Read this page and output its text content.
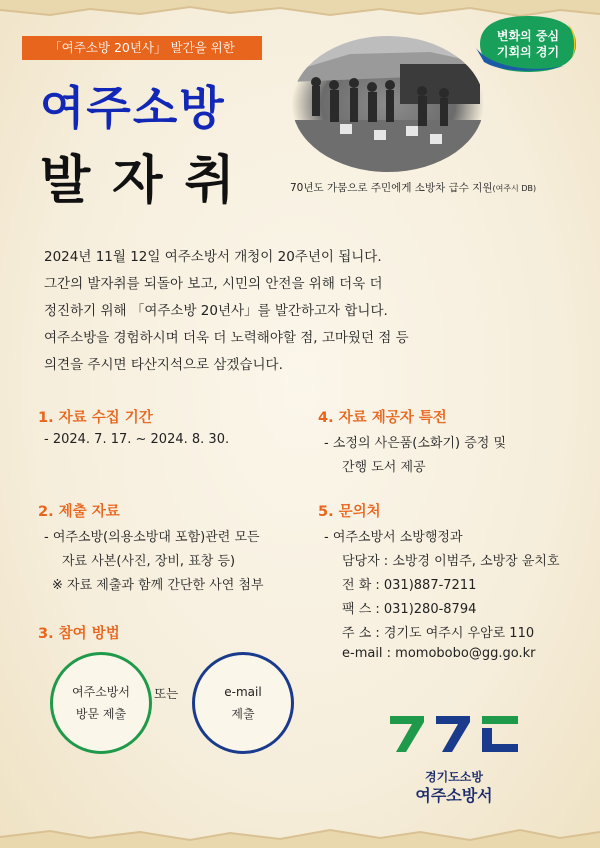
「여주소방 20년사」 발간을 위한
변화의 중심
기회의 경기
여주소방
발자취	70년도 가뭄으로 주민에게 소방차 급수 지원(여주시 DB)

2024년 11월 12일 여주소방서 개청이 20주년이 됩니다.

그간의 발자취를 되돌아 보고, 시민의 안전을 위해 더욱 더

정진하기 위해 「여주소방 20년사」를 발간하고자 합니다.

여주소방을 경험하시며 더욱 더 노력해야할 점, 고마웠던 점 등

의견을 주시면 타산지석으로 삼겠습니다.

1. 자료 수집 기간
- 2024. 7. 17. ~ 2024. 8. 30.
2. 제출 자료
- 여주소방(의용소방대 포함)관련 모든
자료 사본(사진, 장비, 표창 등)
※ 자료 제출과 함께 간단한 사연 첨부
3. 참여 방법
여주소방서
방문 제출
또는	e-mail
제출
4. 자료 제공자 특전
- 소정의 사은품(소화기) 증정 및
간행 도서 제공
5. 문의처
- 여주소방서 소방행정과
담당자 : 소방경 이범주, 소방장 윤치호
전 화 : 031)887-7211
팩 스 : 031)280-8794
주 소 : 경기도 여주시 우암로 110
e-mail : momobobo@gg.go.kr
경기도소방
여주소방서
